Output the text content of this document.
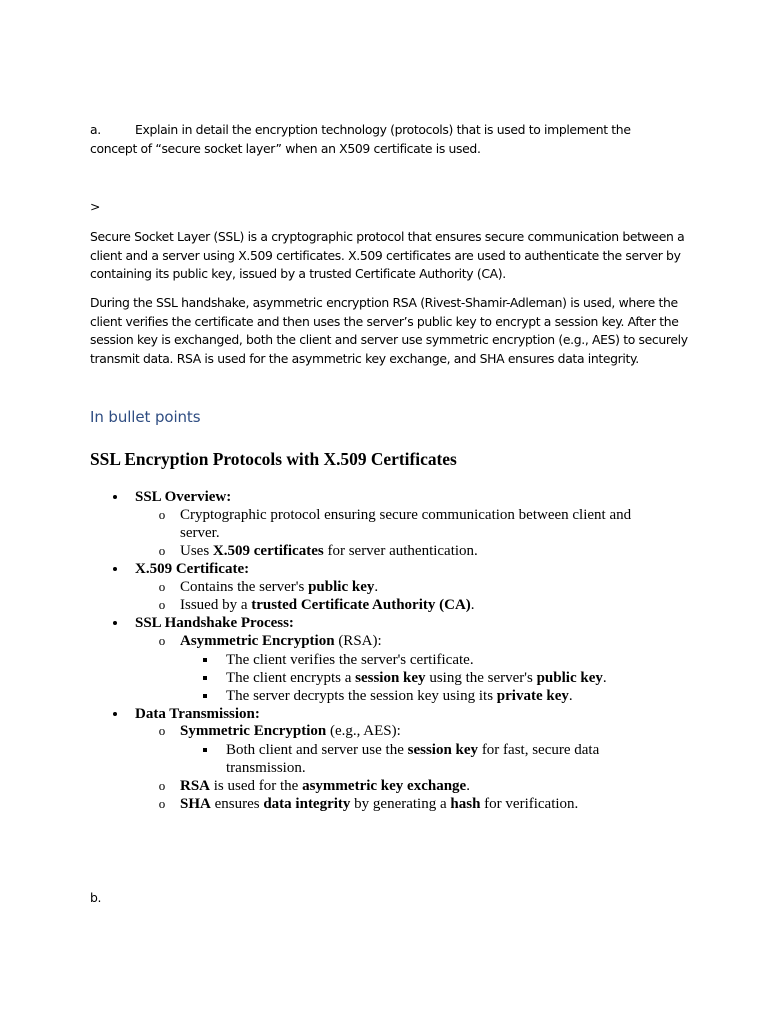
a.	Explain in detail the encryption technology (protocols) that is used to implement the concept of “secure socket layer” when an X509 certificate is used.
>
Secure Socket Layer (SSL) is a cryptographic protocol that ensures secure communication between a client and a server using X.509 certificates. X.509 certificates are used to authenticate the server by containing its public key, issued by a trusted Certificate Authority (CA).
During the SSL handshake, asymmetric encryption RSA (Rivest-Shamir-Adleman) is used, where the client verifies the certificate and then uses the server’s public key to encrypt a session key. After the session key is exchanged, both the client and server use symmetric encryption (e.g., AES) to securely transmit data. RSA is used for the asymmetric key exchange, and SHA ensures data integrity.
In bullet points
SSL Encryption Protocols with X.509 Certificates
SSL Overview:
o Cryptographic protocol ensuring secure communication between client and server.
o Uses X.509 certificates for server authentication.
X.509 Certificate:
o Contains the server's public key.
o Issued by a trusted Certificate Authority (CA).
SSL Handshake Process:
o Asymmetric Encryption (RSA):
The client verifies the server's certificate.
The client encrypts a session key using the server's public key.
The server decrypts the session key using its private key.
Data Transmission:
o Symmetric Encryption (e.g., AES):
Both client and server use the session key for fast, secure data transmission.
o RSA is used for the asymmetric key exchange.
o SHA ensures data integrity by generating a hash for verification.
b.
